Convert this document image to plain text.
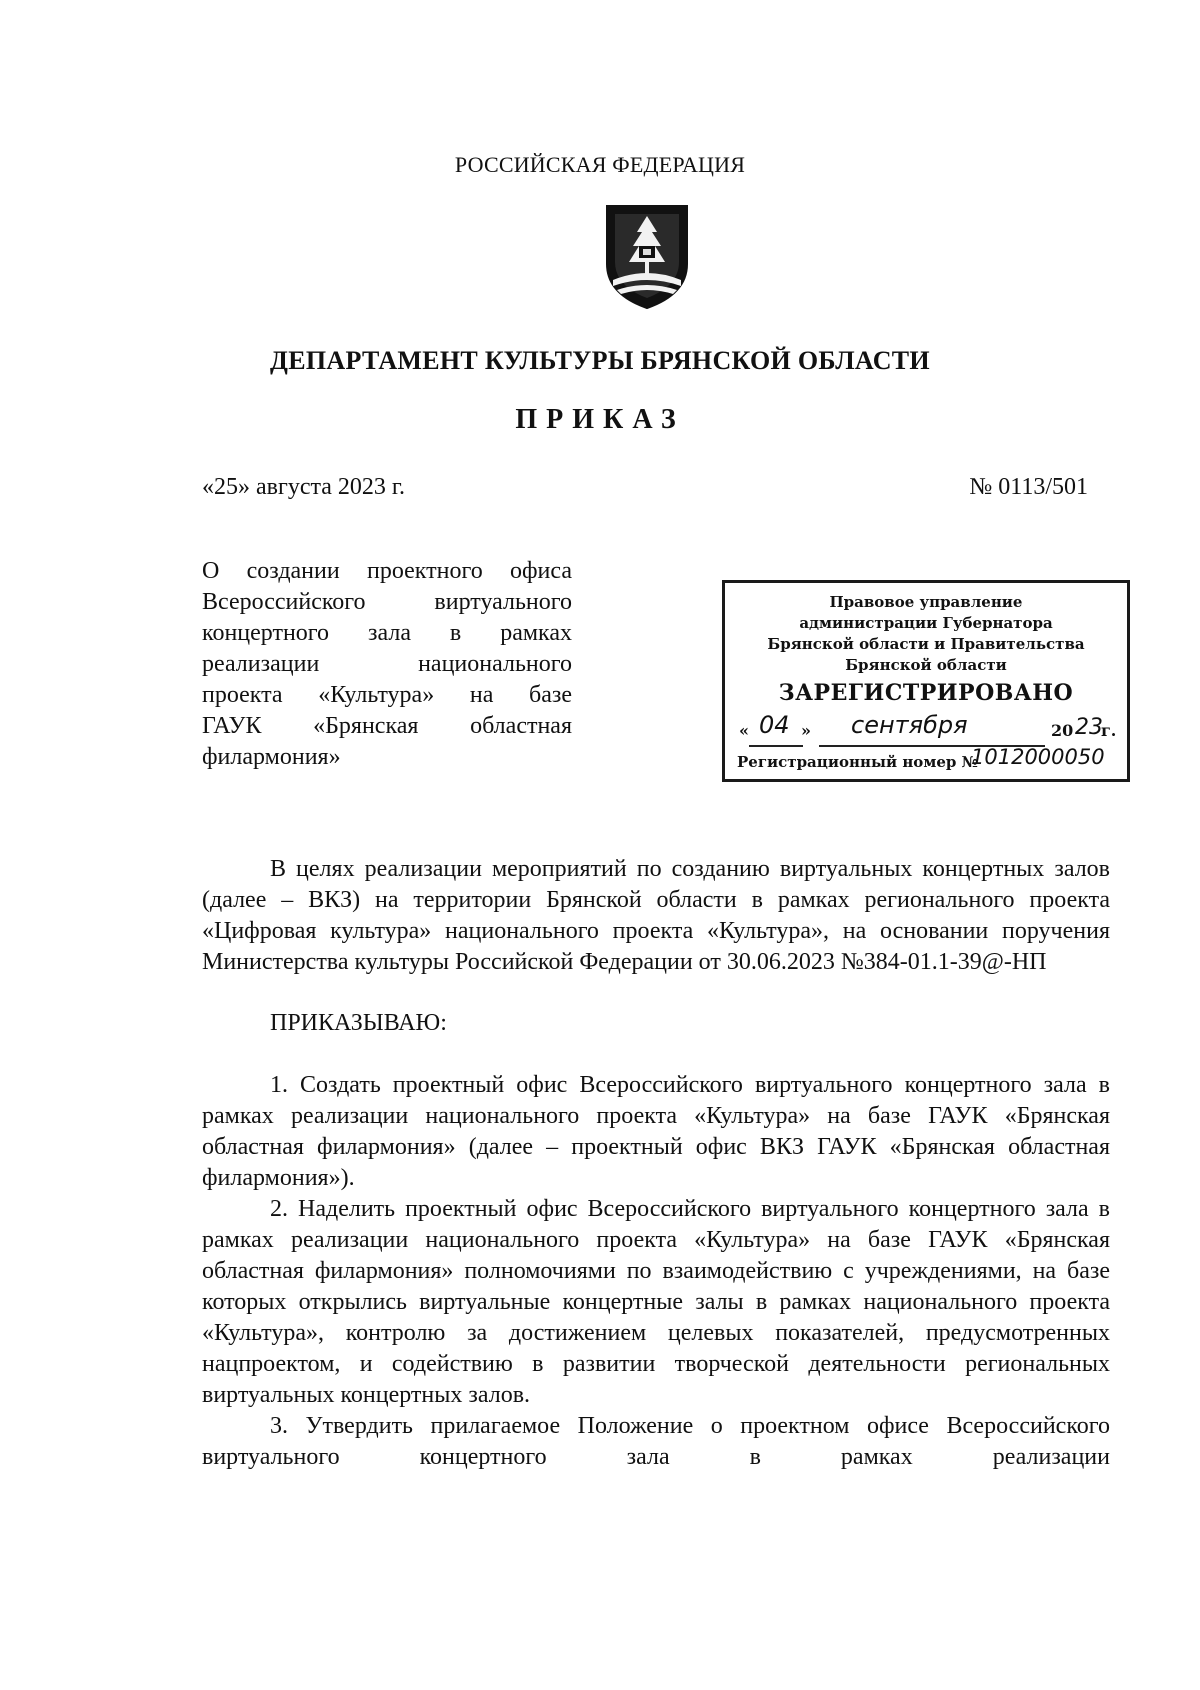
РОССИЙСКАЯ ФЕДЕРАЦИЯ
ДЕПАРТАМЕНТ КУЛЬТУРЫ БРЯНСКОЙ ОБЛАСТИ
ПРИКАЗ
«25» августа 2023 г.	№ 0113/501
О создании проектного офиса
Всероссийского виртуального
концертного зала в рамках
реализации национального
проекта «Культура» на базе
ГАУК «Брянская областная
филармония»
Правовое управление
администрации Губернатора
Брянской области и Правительства
Брянской области
ЗАРЕГИСТРИРОВАНО
« 04 » сентября	20 23
г.
Регистрационный номер №
1012000050

В целях реализации мероприятий по созданию виртуальных концертных залов (далее – ВКЗ) на территории Брянской области в рамках регионального проекта «Цифровая культура» национального проекта «Культура», на основании поручения Министерства культуры Российской Федерации от 30.06.2023 №384-01.1-39@-НП

ПРИКАЗЫВАЮ:

1. Создать проектный офис Всероссийского виртуального концертного зала в рамках реализации национального проекта «Культура» на базе ГАУК «Брянская областная филармония» (далее – проектный офис ВКЗ ГАУК «Брянская областная филармония»).

2. Наделить проектный офис Всероссийского виртуального концертного зала в рамках реализации национального проекта «Культура» на базе ГАУК «Брянская областная филармония» полномочиями по взаимодействию с учреждениями, на базе которых открылись виртуальные концертные залы в рамках национального проекта «Культура», контролю за достижением целевых показателей, предусмотренных нацпроектом, и содействию в развитии творческой деятельности региональных виртуальных концертных залов.

3. Утвердить прилагаемое Положение о проектном офисе Всероссийского виртуального концертного зала в рамках реализации
